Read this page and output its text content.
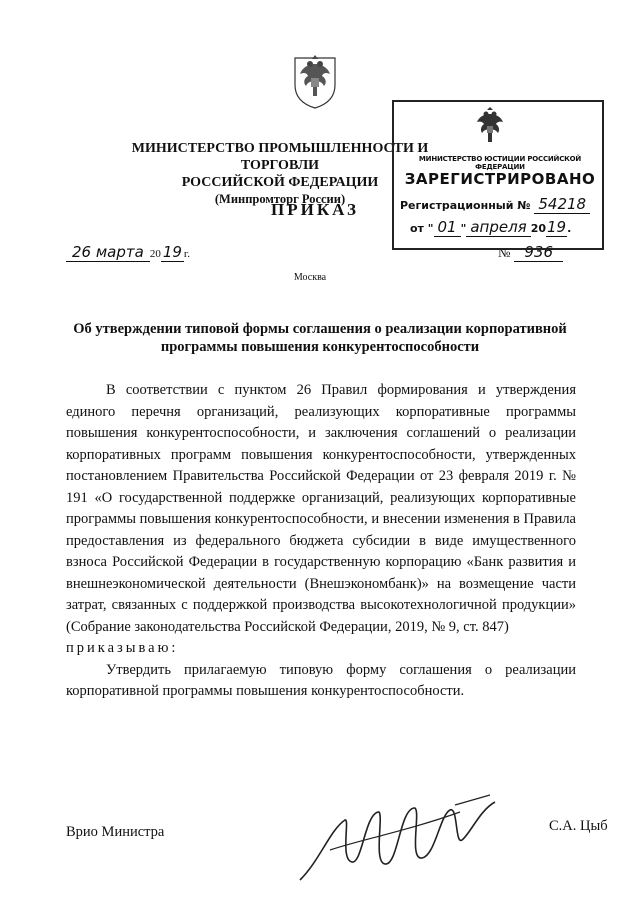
МИНИСТЕРСТВО ПРОМЫШЛЕННОСТИ И ТОРГОВЛИ
РОССИЙСКОЙ ФЕДЕРАЦИИ
(Минпромторг России)
ПРИКАЗ
26 марта 20 19 г.	№ 936
Москва
МИНИСТЕРСТВО ЮСТИЦИИ РОССИЙСКОЙ ФЕДЕРАЦИИ
ЗАРЕГИСТРИРОВАНО
Регистрационный № 54218
от " 01 " апреля 2019.
Об утверждении типовой формы соглашения о реализации корпоративной программы повышения конкурентоспособности

В соответствии с пунктом 26 Правил формирования и утверждения единого перечня организаций, реализующих корпоративные программы повышения конкурентоспособности, и заключения соглашений о реализации корпоративных программ повышения конкурентоспособности, утвержденных постановлением Правительства Российской Федерации от 23 февраля 2019 г. № 191 «О государственной поддержке организаций, реализующих корпоративные программы повышения конкурентоспособности, и внесении изменения в Правила предоставления из федерального бюджета субсидии в виде имущественного взноса Российской Федерации в государственную корпорацию «Банк развития и внешнеэкономической деятельности (Внешэкономбанк)» на возмещение части затрат, связанных с поддержкой производства высокотехнологичной продукции» (Собрание законодательства Российской Федерации, 2019, № 9, ст. 847)

приказываю:

Утвердить прилагаемую типовую форму соглашения о реализации корпоративной программы повышения конкурентоспособности.

Врио Министра	С.А. Цыб
